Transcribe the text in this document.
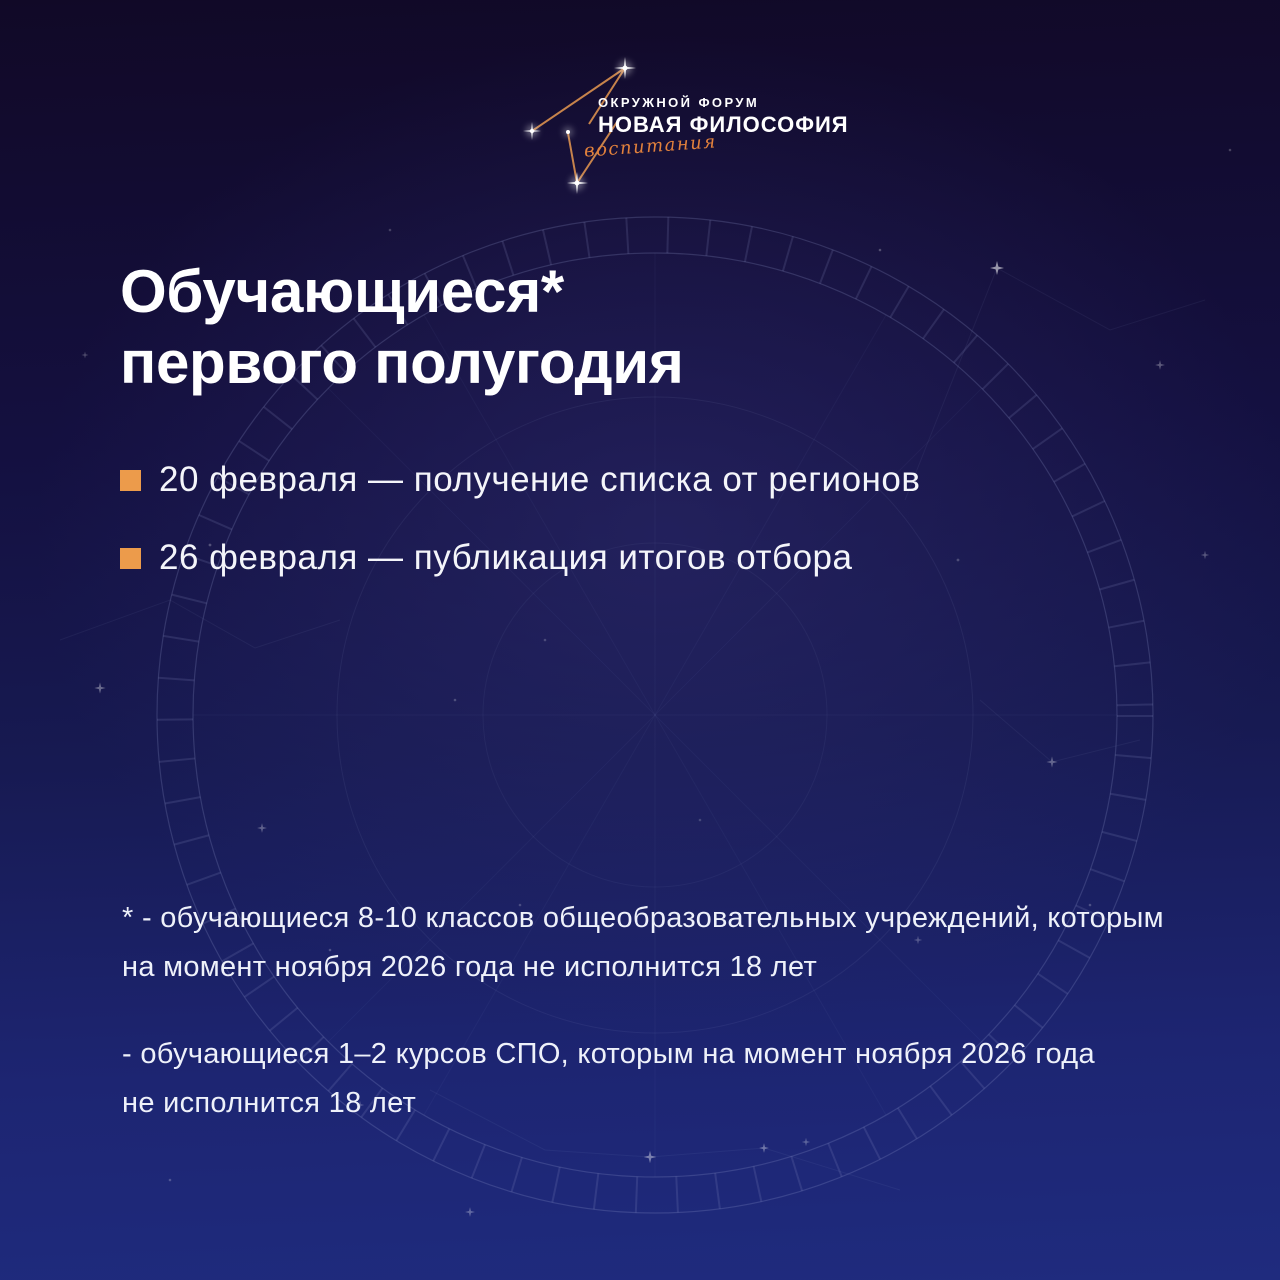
ОКРУЖНОЙ ФОРУМ
НОВАЯ ФИЛОСОФИЯ
воспитания
Обучающиеся*
первого полугодия
20 февраля — получение списка от регионов
26 февраля — публикация итогов отбора
* - обучающиеся 8-10 классов общеобразовательных учреждений, которым
на момент ноября 2026 года не исполнится 18 лет
- обучающиеся 1–2 курсов СПО, которым на момент ноября 2026 года
не исполнится 18 лет
